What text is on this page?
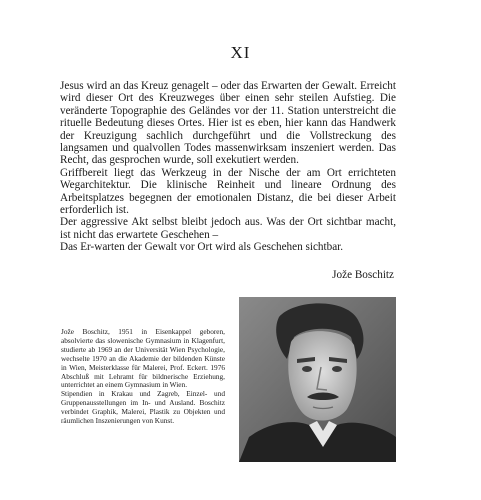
XI

Jesus wird an das Kreuz genagelt – oder das Erwarten der Gewalt. Erreicht wird dieser Ort des Kreuzweges über einen sehr steilen Aufstieg. Die veränderte Topographie des Geländes vor der 11. Station unterstreicht die rituelle Bedeutung dieses Ortes. Hier ist es eben, hier kann das Handwerk der Kreuzigung sachlich durchgeführt und die Vollstreckung des langsamen und qualvollen Todes massenwirksam inszeniert werden. Das Recht, das gesprochen wurde, soll exekutiert werden.

Griffbereit liegt das Werkzeug in der Nische der am Ort errichteten Wegarchitektur. Die klinische Reinheit und lineare Ordnung des Arbeitsplatzes begegnen der emotionalen Distanz, die bei dieser Arbeit erforderlich ist.

Der aggressive Akt selbst bleibt jedoch aus. Was der Ort sichtbar macht, ist nicht das erwartete Geschehen –

Das Er-warten der Gewalt vor Ort wird als Geschehen sichtbar.

Jože Boschitz

Jože Boschitz, 1951 in Eisenkappel geboren, absolvierte das slowenische Gymnasium in Klagenfurt, studierte ab 1969 an der Universität Wien Psychologie, wechselte 1970 an die Akademie der bildenden Künste in Wien, Meisterklasse für Malerei, Prof. Eckert. 1976 Abschluß mit Lehramt für bildnerische Erziehung, unterrichtet an einem Gymnasium in Wien.

Stipendien in Krakau und Zagreb, Einzel- und Gruppenausstellungen im In- und Ausland. Boschitz verbindet Graphik, Malerei, Plastik zu Objekten und räumlichen Inszenierungen von Kunst.
